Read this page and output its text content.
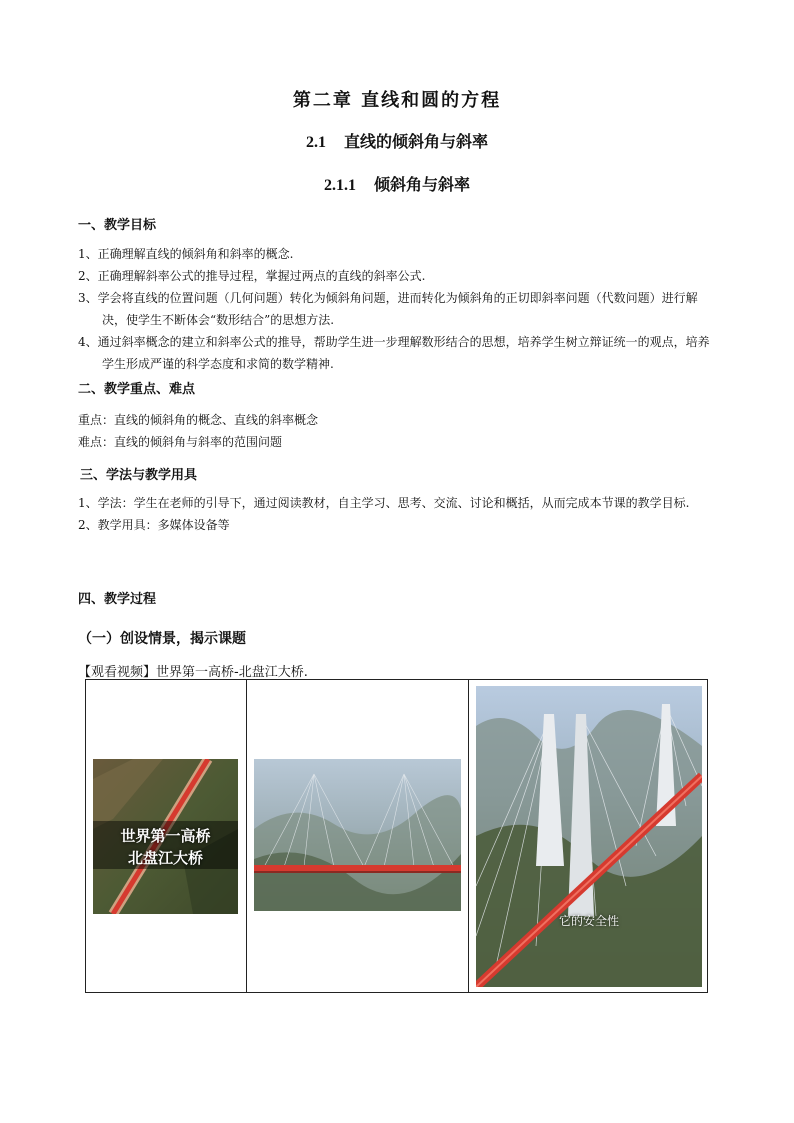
第二章 直线和圆的方程
2.1 直线的倾斜角与斜率
2.1.1 倾斜角与斜率
一、教学目标
1、正确理解直线的倾斜角和斜率的概念.
2、正确理解斜率公式的推导过程，掌握过两点的直线的斜率公式.
3、学会将直线的位置问题（几何问题）转化为倾斜角问题，进而转化为倾斜角的正切即斜率问题（代数问题）进行解决，使学生不断体会“数形结合”的思想方法.
4、通过斜率概念的建立和斜率公式的推导，帮助学生进一步理解数形结合的思想，培养学生树立辩证统一的观点，培养学生形成严谨的科学态度和求简的数学精神.
二、教学重点、难点
重点：直线的倾斜角的概念、直线的斜率概念
难点：直线的倾斜角与斜率的范围问题
三、学法与教学用具
1、学法：学生在老师的引导下，通过阅读教材，自主学习、思考、交流、讨论和概括，从而完成本节课的教学目标.
2、教学用具：多媒体设备等
四、教学过程
（一）创设情景，揭示课题
【观看视频】世界第一高桥-北盘江大桥.
世界第一高桥
北盘江大桥

它的安全性
